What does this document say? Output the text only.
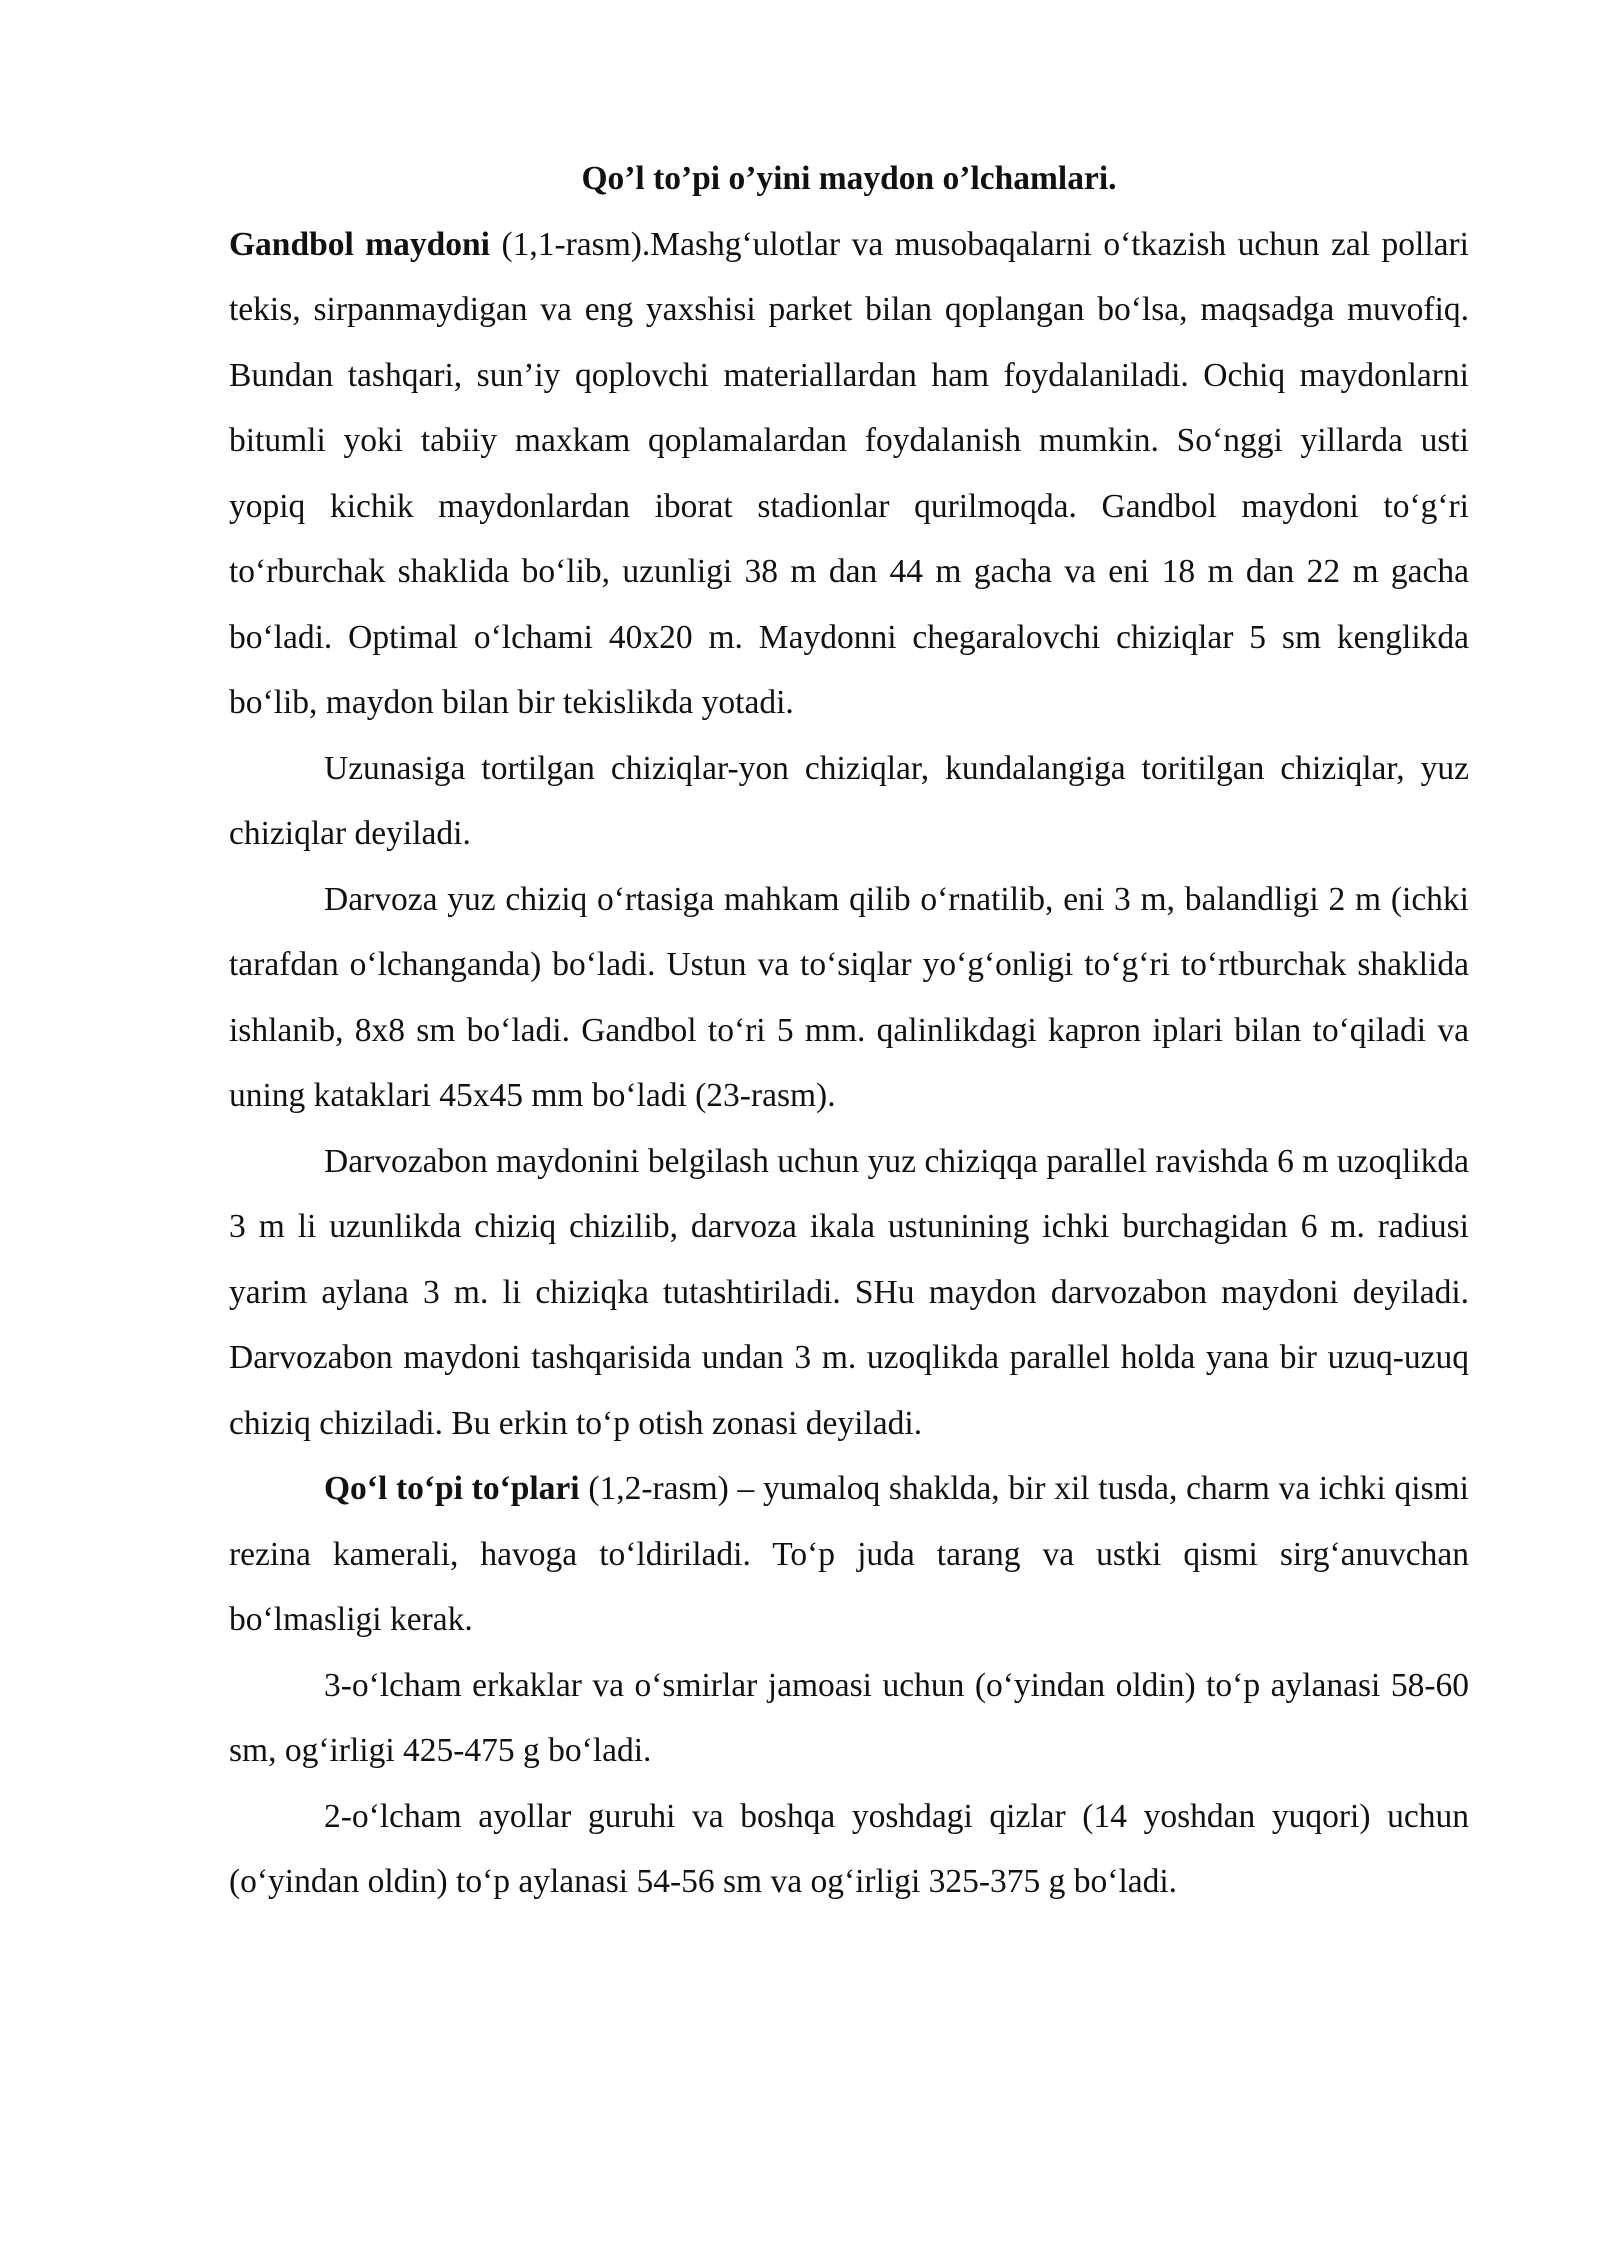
Qo’l to’pi o’yini maydon o’lchamlari.

Gandbol maydoni (1,1-rasm).Mashg‘ulotlar va musobaqalarni o‘tkazish uchun zal pollari tekis, sirpanmaydigan va eng yaxshisi parket bilan qoplangan bo‘lsa, maqsadga muvofiq. Bundan tashqari, sun’iy qoplovchi materiallardan ham foydalaniladi. Ochiq maydonlarni bitumli yoki tabiiy maxkam qoplamalardan foydalanish mumkin. So‘nggi yillarda usti yopiq kichik maydonlardan iborat stadionlar qurilmoqda. Gandbol maydoni to‘g‘ri to‘rburchak shaklida bo‘lib, uzunligi 38 m dan 44 m gacha va eni 18 m dan 22 m gacha bo‘ladi. Optimal o‘lchami 40x20 m. Maydonni chegaralovchi chiziqlar 5 sm kenglikda bo‘lib, maydon bilan bir tekislikda yotadi.

Uzunasiga tortilgan chiziqlar-yon chiziqlar, kundalangiga toritilgan chiziqlar, yuz chiziqlar deyiladi.

Darvoza yuz chiziq o‘rtasiga mahkam qilib o‘rnatilib, eni 3 m, balandligi 2 m (ichki tarafdan o‘lchanganda) bo‘ladi. Ustun va to‘siqlar yo‘g‘onligi to‘g‘ri to‘rtburchak shaklida ishlanib, 8x8 sm bo‘ladi. Gandbol to‘ri 5 mm. qalinlikdagi kapron iplari bilan to‘qiladi va uning kataklari 45x45 mm bo‘ladi (23-rasm).

Darvozabon maydonini belgilash uchun yuz chiziqqa parallel ravishda 6 m uzoqlikda 3 m li uzunlikda chiziq chizilib, darvoza ikala ustunining ichki burchagidan 6 m. radiusi yarim aylana 3 m. li chiziqka tutashtiriladi. SHu maydon darvozabon maydoni deyiladi. Darvozabon maydoni tashqarisida undan 3 m. uzoqlikda parallel holda yana bir uzuq-uzuq chiziq chiziladi. Bu erkin to‘p otish zonasi deyiladi.

Qo‘l to‘pi to‘plari (1,2-rasm) – yumaloq shakldа, bir xil tusda, charm va ichki qismi rezina kamerali, havoga to‘ldiriladi. To‘p juda tarang va ustki qismi sirg‘anuvchan bo‘lmasligi kerak.

3-o‘lcham erkaklar va o‘smirlar jamoasi uchun (o‘yindan oldin) to‘p aylanasi 58-60 sm, og‘irligi 425-475 g bo‘ladi.

2-o‘lcham ayollar guruhi va boshqa yoshdagi qizlar (14 yoshdan yuqori) uchun (o‘yindan oldin) to‘p aylanasi 54-56 sm va og‘irligi 325-375 g bo‘ladi.
